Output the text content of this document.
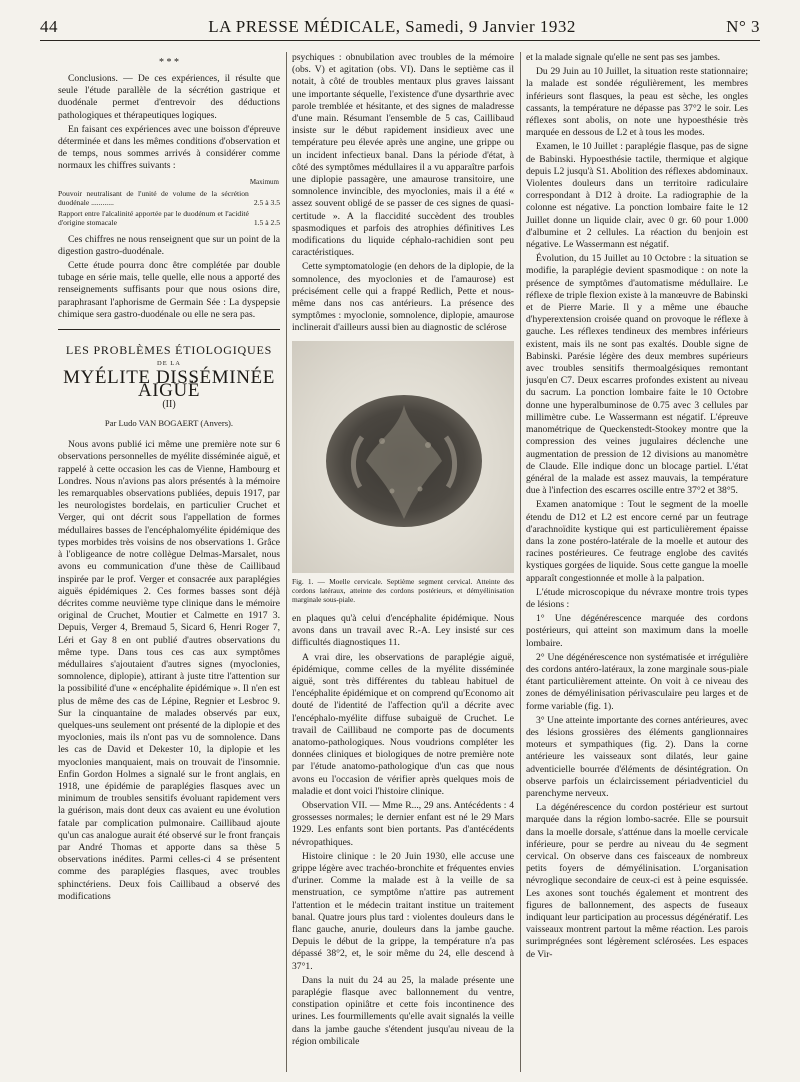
44	LA PRESSE MÉDICALE, Samedi, 9 Janvier 1932	N° 3
* * *

Conclusions. — De ces expériences, il résulte que seule l'étude parallèle de la sécrétion gastrique et duodénale permet d'entrevoir des déductions pathologiques et thérapeutiques logiques.

En faisant ces expériences avec une boisson d'épreuve déterminée et dans les mêmes conditions d'observation et de temps, nous sommes arrivés à considérer comme normaux les chiffres suivants :

	Maximum
Pouvoir neutralisant de l'unité de volume de la sécrétion duodénale ............	2.5 à 3.5
Rapport entre l'alcalinité apportée par le duodénum et l'acidité d'origine stomacale	1.5 à 2.5

Ces chiffres ne nous renseignent que sur un point de la digestion gastro-duodénale.

Cette étude pourra donc être complétée par double tubage en série mais, telle quelle, elle nous a apporté des renseignements suffisants pour que nous osions dire, paraphrasant l'aphorisme de Germain Sée : La dyspepsie chimique sera gastro-duodénale ou elle ne sera pas.

LES PROBLÈMES ÉTIOLOGIQUES
DE LA
MYÉLITE DISSÉMINÉE AIGUË
(II)
Par Ludo VAN BOGAERT (Anvers).

Nous avons publié ici même une première note sur 6 observations personnelles de myélite disséminée aiguë, et rappelé à cette occasion les cas de Vienne, Hambourg et Londres. Nous n'avions pas alors présentés à la mémoire les remarquables observations publiées, depuis 1917, par les neurologistes bordelais, en particulier Cruchet et Verger, qui ont décrit sous l'appellation de formes médullaires basses de l'encéphalomyélite épidémique des types morbides très voisins de nos observations 1. Grâce à l'obligeance de notre collègue Delmas-Marsalet, nous avons eu communication d'une thèse de Caillibaud inspirée par le prof. Verger et consacrée aux paraplégies aiguës épidémiques 2. Ces formes basses sont déjà décrites comme neuvième type clinique dans le mémoire original de Cruchet, Moutier et Calmette en 1917 3. Depuis, Verger 4, Bremaud 5, Sicard 6, Henri Roger 7, Léri et Gay 8 en ont publié d'autres observations du même type. Dans tous ces cas aux symptômes médullaires s'ajoutaient d'autres signes (myoclonies, somnolence, diplopie), attirant à juste titre l'attention sur la possibilité d'une « encéphalite épidémique ». Il n'en est plus de même des cas de Lépine, Regnier et Lesbroc 9. Sur la cinquantaine de malades observés par eux, quelques-uns seulement ont présenté de la diplopie et des myoclonies, mais ils n'ont pas vu de somnolence. Dans les cas de David et Dekester 10, la diplopie et les myoclonies manquaient, mais on trouvait de l'insomnie. Enfin Gordon Holmes a signalé sur le front anglais, en 1918, une épidémie de paraplégies flasques avec un minimum de troubles sensitifs évoluant rapidement vers la guérison, mais dont deux cas avaient eu une évolution fatale par complication pulmonaire. Caillibaud ajoute qu'un cas analogue aurait été observé sur le front français par André Thomas et apporte dans sa thèse 5 observations inédites. Parmi celles-ci 4 se présentent comme des paraplégies flasques, avec troubles sphinctériens. Deux fois Caillibaud a observé des modifications

psychiques : obnubilation avec troubles de la mémoire (obs. V) et agitation (obs. VI). Dans le septième cas il notait, à côté de troubles mentaux plus graves laissant une importante séquelle, l'existence d'une dysarthrie avec parole tremblée et hésitante, et des signes de maladresse d'une main. Résumant l'ensemble de 5 cas, Caillibaud insiste sur le début rapidement insidieux avec une température peu élevée après une angine, une grippe ou un incident infectieux banal. Dans la période d'état, à côté des symptômes médullaires il a vu apparaître parfois une diplopie passagère, une amaurose transitoire, une somnolence invincible, des myoclonies, mais il a été « assez souvent obligé de se passer de ces signes de quasi-certitude ». A la flaccidité succèdent des troubles spasmodiques et parfois des atrophies définitives Les modifications du liquide céphalo-rachidien sont peu caractéristiques.

Cette symptomatologie (en dehors de la diplopie, de la somnolence, des myoclonies et de l'amaurose) est précisément celle qui a frappé Redlich, Pette et nous-même dans nos cas antérieurs. La présence des symptômes : myoclonie, somnolence, diplopie, amaurose inclinerait d'ailleurs aussi bien au diagnostic de sclérose

Fig. 1. — Moelle cervicale. Septième segment cervical. Atteinte des cordons latéraux, atteinte des cordons postérieurs, et démyélinisation marginale sous-piale.

en plaques qu'à celui d'encéphalite épidémique. Nous avons dans un travail avec R.-A. Ley insisté sur ces difficultés diagnostiques 11.

A vrai dire, les observations de paraplégie aiguë, épidémique, comme celles de la myélite disséminée aiguë, sont très différentes du tableau habituel de l'encéphalite épidémique et on comprend qu'Economo ait douté de l'identité de l'affection qu'il a décrite avec l'encéphalo-myélite diffuse subaiguë de Cruchet. Le travail de Caillibaud ne comporte pas de documents anatomo-pathologiques. Nous voudrions compléter les données cliniques et biologiques de notre première note par l'étude anatomo-pathologique d'un cas que nous avons eu l'occasion de vérifier après quelques mois de maladie et dont voici l'histoire clinique.

Observation VII. — Mme R..., 29 ans. Antécédents : 4 grossesses normales; le dernier enfant est né le 29 Mars 1929. Les enfants sont bien portants. Pas d'antécédents névropathiques.

Histoire clinique : le 20 Juin 1930, elle accuse une grippe légère avec trachéo-bronchite et fréquentes envies d'uriner. Comme la malade est à la veille de sa menstruation, ce symptôme n'attire pas autrement l'attention et le médecin traitant institue un traitement banal. Quatre jours plus tard : violentes douleurs dans le flanc gauche, anurie, douleurs dans la jambe gauche. Depuis le début de la grippe, la température n'a pas dépassé 38°2, et, le soir même du 24, elle descend à 37°1.

Dans la nuit du 24 au 25, la malade présente une paraplégie flasque avec ballonnement du ventre, constipation opiniâtre et cette fois incontinence des urines. Les fourmillements qu'elle avait signalés la veille dans la jambe gauche s'étendent jusqu'au niveau de la région ombilicale

et la malade signale qu'elle ne sent pas ses jambes.

Du 29 Juin au 10 Juillet, la situation reste stationnaire; la malade est sondée régulièrement, les membres inférieurs sont flasques, la peau est sèche, les ongles cassants, la température ne dépasse pas 37°2 le soir. Les réflexes sont abolis, on note une hypoesthésie très marquée en dessous de L2 et à tous les modes.

Examen, le 10 Juillet : paraplégie flasque, pas de signe de Babinski. Hypoesthésie tactile, thermique et algique depuis L2 jusqu'à S1. Abolition des réflexes abdominaux. Violentes douleurs dans un territoire radiculaire correspondant à D12 à droite. La radiographie de la colonne est négative. La ponction lombaire faite le 12 Juillet donne un liquide clair, avec 0 gr. 60 pour 1.000 d'albumine et 2 cellules. La réaction du benjoin est négative. Le Wassermann est négatif.

Évolution, du 15 Juillet au 10 Octobre : la situation se modifie, la paraplégie devient spasmodique : on note la présence de symptômes d'automatisme médullaire. Le réflexe de triple flexion existe à la manœuvre de Babinski et de Pierre Marie. Il y a même une ébauche d'hyperextension croisée quand on provoque le réflexe à gauche. Les réflexes tendineux des membres inférieurs existent, mais ils ne sont pas exaltés. Double signe de Babinski. Parésie légère des deux membres supérieurs avec troubles sensitifs thermoalgésiques remontant jusqu'en C7. Deux escarres profondes existent au niveau du sacrum. La ponction lombaire faite le 10 Octobre donne une hyperalbuminose de 0.75 avec 3 cellules par millimètre cube. Le Wassermann est négatif. L'épreuve manométrique de Queckenstedt-Stookey montre que la compression des veines jugulaires déclenche une augmentation de pression de 12 divisions au manomètre de Claude. Elle indique donc un blocage partiel. L'état général de la malade est assez mauvais, la température due à l'infection des escarres oscille entre 37°2 et 38°5.

Examen anatomique : Tout le segment de la moelle étendu de D12 et L2 est encore cerné par un feutrage d'arachnoïdite kystique qui est particulièrement épaisse dans la zone postéro-latérale de la moelle et autour des racines postérieures. Ce feutrage englobe des cavités kystiques gorgées de liquide. Sous cette gangue la moelle apparaît congestionnée et molle à la palpation.

L'étude microscopique du névraxe montre trois types de lésions :

1° Une dégénérescence marquée des cordons postérieurs, qui atteint son maximum dans la moelle lombaire.

2° Une dégénérescence non systématisée et irrégulière des cordons antéro-latéraux, la zone marginale sous-piale étant particulièrement atteinte. On voit à ce niveau des zones de démyélinisation périvasculaire peu larges et de forme variable (fig. 1).

3° Une atteinte importante des cornes antérieures, avec des lésions grossières des éléments ganglionnaires moteurs et sympathiques (fig. 2). Dans la corne antérieure les vaisseaux sont dilatés, leur gaine adventicielle bourrée d'éléments de désintégration. On observe parfois un éclaircissement périadventiciel du parenchyme nerveux.

La dégénérescence du cordon postérieur est surtout marquée dans la région lombo-sacrée. Elle se poursuit dans la moelle dorsale, s'atténue dans la moelle cervicale inférieure, pour se perdre au niveau du 4e segment cervical. On observe dans ces faisceaux de nombreux petits foyers de démyélinisation. L'organisation névroglique secondaire de ceux-ci est à peine esquissée. Les axones sont touchés également et montrent des figures de ballonnement, des aspects de fuseaux indiquant leur participation au processus dégénératif. Les vaisseaux montrent partout la même réaction. Les parois surimprégnées sont légèrement sclérosées. Les espaces de Vir-
